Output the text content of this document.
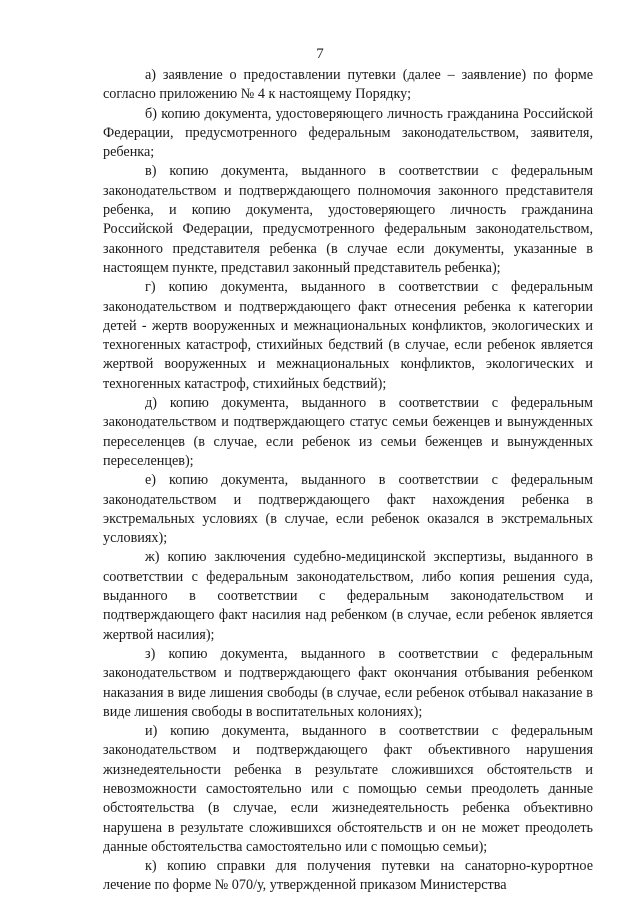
7

а) заявление о предоставлении путевки (далее – заявление) по форме согласно приложению № 4 к настоящему Порядку;

б) копию документа, удостоверяющего личность гражданина Российской Федерации, предусмотренного федеральным законодательством, заявителя, ребенка;

в) копию документа, выданного в соответствии с федеральным законодательством и подтверждающего полномочия законного представителя ребенка, и копию документа, удостоверяющего личность гражданина Российской Федерации, предусмотренного федеральным законодательством, законного представителя ребенка (в случае если документы, указанные в настоящем пункте, представил законный представитель ребенка);

г) копию документа, выданного в соответствии с федеральным законодательством и подтверждающего факт отнесения ребенка к категории детей - жертв вооруженных и межнациональных конфликтов, экологических и техногенных катастроф, стихийных бедствий (в случае, если ребенок является жертвой вооруженных и межнациональных конфликтов, экологических и техногенных катастроф, стихийных бедствий);

д) копию документа, выданного в соответствии с федеральным законодательством и подтверждающего статус семьи беженцев и вынужденных переселенцев (в случае, если ребенок из семьи беженцев и вынужденных переселенцев);

е) копию документа, выданного в соответствии с федеральным законодательством и подтверждающего факт нахождения ребенка в экстремальных условиях (в случае, если ребенок оказался в экстремальных условиях);

ж) копию заключения судебно-медицинской экспертизы, выданного в соответствии с федеральным законодательством, либо копия решения суда, выданного в соответствии с федеральным законодательством и подтверждающего факт насилия над ребенком (в случае, если ребенок является жертвой насилия);

з) копию документа, выданного в соответствии с федеральным законодательством и подтверждающего факт окончания отбывания ребенком наказания в виде лишения свободы (в случае, если ребенок отбывал наказание в виде лишения свободы в воспитательных колониях);

и) копию документа, выданного в соответствии с федеральным законодательством и подтверждающего факт объективного нарушения жизнедеятельности ребенка в результате сложившихся обстоятельств и невозможности самостоятельно или с помощью семьи преодолеть данные обстоятельства (в случае, если жизнедеятельность ребенка объективно нарушена в результате сложившихся обстоятельств и он не может преодолеть данные обстоятельства самостоятельно или с помощью семьи);

к) копию справки для получения путевки на санаторно-курортное лечение по форме № 070/у, утвержденной приказом Министерства
